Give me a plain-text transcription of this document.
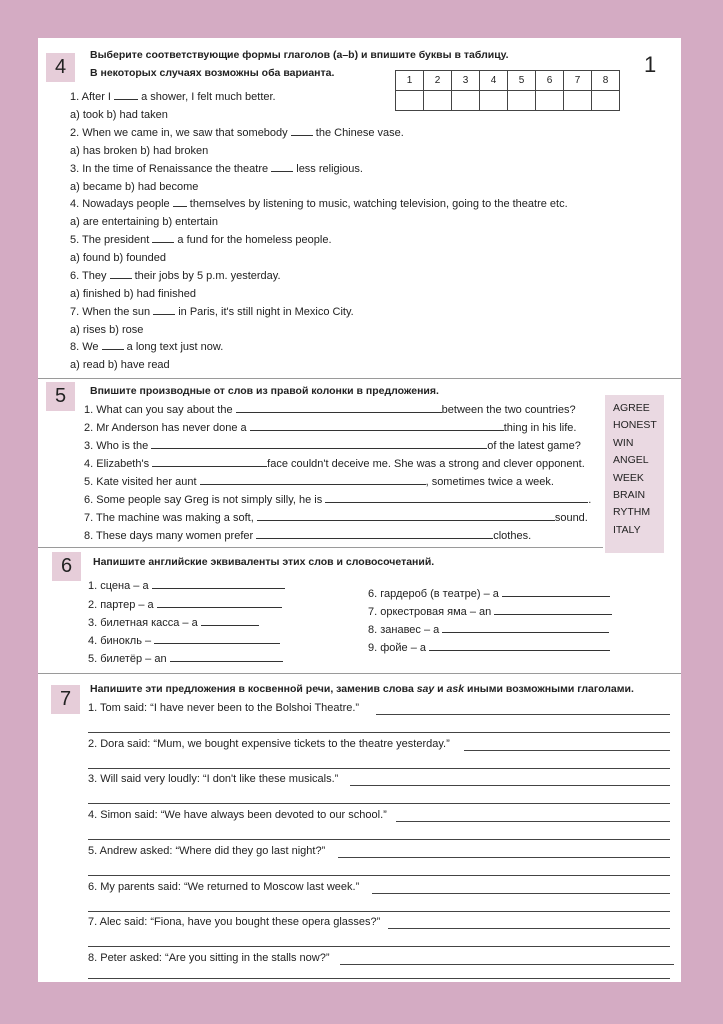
1
4
Выберите соответствующие формы глаголов (a–b) и впишите буквы в таблицу.
В некоторых случаях возможны оба варианта.
1	2	3	4	5	6	7	8

1. After I  a shower, I felt much better.
a) took b) had taken
2. When we came in, we saw that somebody  the Chinese vase.
a) has broken b) had broken
3. In the time of Renaissance the theatre  less religious.
a) became b) had become
4. Nowadays people  themselves by listening to music, watching television, going to the theatre etc.
a) are entertaining b) entertain
5. The president  a fund for the homeless people.
a) found b) founded
6. They  their jobs by 5 p.m. yesterday.
a) finished b) had finished
7. When the sun  in Paris, it's still night in Mexico City.
a) rises b) rose
8. We  a long text just now.
a) read b) have read
5	Впишите производные от слов из правой колонки в предложения.
1. What can you say about the	between the two countries?
2. Mr Anderson has never done a	thing in his life.
3. Who is the	of the latest game?
4. Elizabeth's	face couldn't deceive me. She was a strong and clever opponent.
5. Kate visited her aunt	, sometimes twice a week.
6. Some people say Greg is not simply silly, he is	.
7. The machine was making a soft,	sound.
8. These days many women prefer	clothes.
AGREE
HONEST
WIN
ANGEL
WEEK
BRAIN
RYTHM
ITALY
6	Напишите английские эквиваленты этих слов и словосочетаний.
1. сцена – a
2. партер – a
3. билетная касса – a
4. бинокль –
5. билетёр – an
6. гардероб (в театре) – a
7. оркестровая яма – an
8. занавес – a
9. фойе – a
7	Напишите эти предложения в косвенной речи, заменив слова say и ask иными возможными глаголами.
1. Tom said: “I have never been to the Bolshoi Theatre.”
2. Dora said: “Mum, we bought expensive tickets to the theatre yesterday.”
3. Will said very loudly: “I don't like these musicals.”
4. Simon said: “We have always been devoted to our school.”
5. Andrew asked: “Where did they go last night?”
6. My parents said: “We returned to Moscow last week.”
7. Alec said: “Fiona, have you bought these opera glasses?”
8. Peter asked: “Are you sitting in the stalls now?”
